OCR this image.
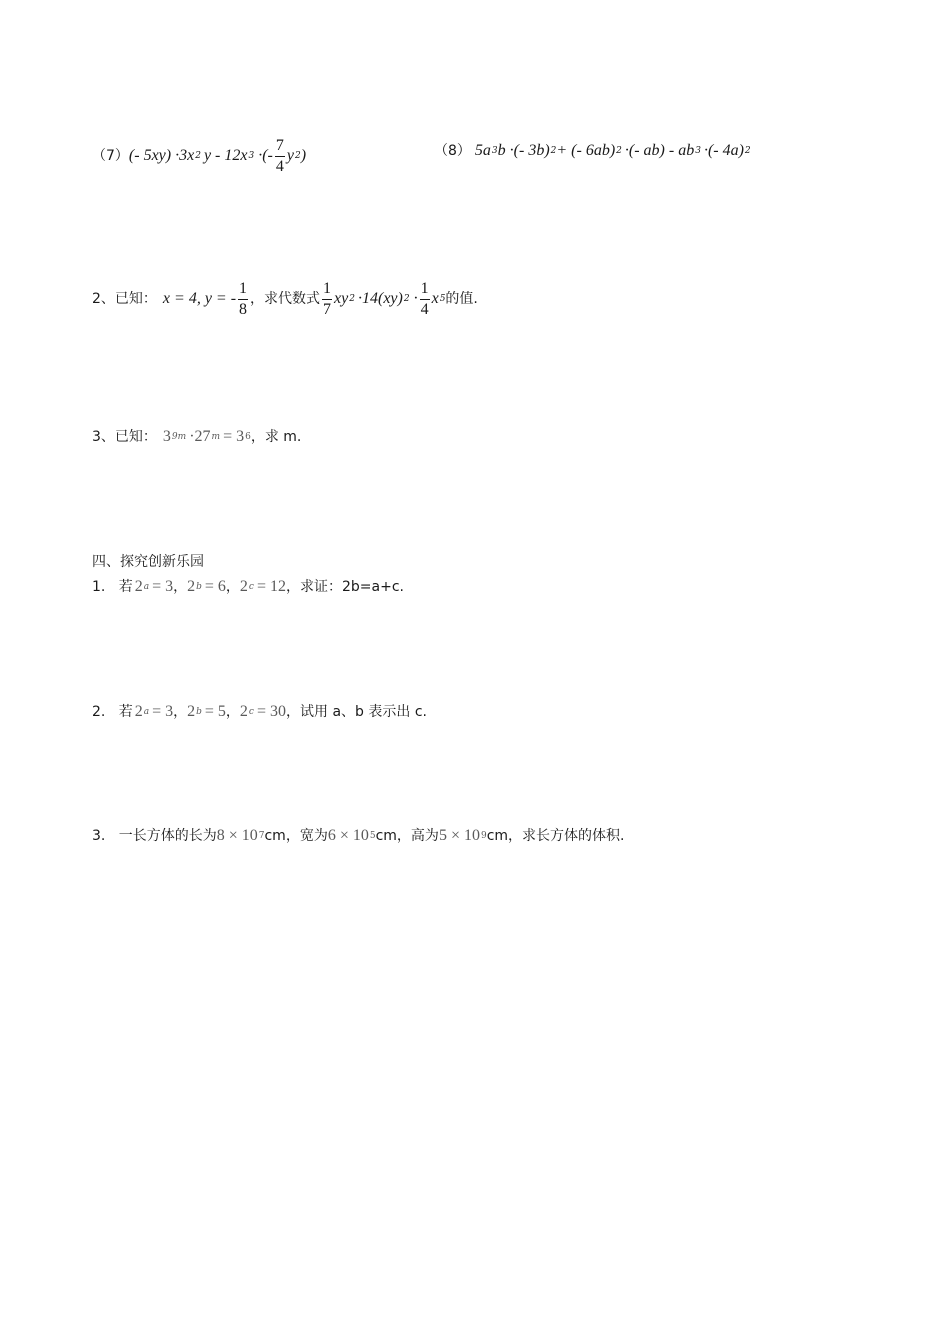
（7） (- 5xy) ·3x 2 y - 12x 3 ·(- $\frac{7}{4}$ y 2 )	（8） 5a 3 b ·(- 3b) 2 + (- 6ab) 2 ·(- ab) - ab 3 ·(- 4a) 2
2、已知： x = 4, y = - $\frac{1}{8}$ ，求代数式 $\frac{1}{7}$ xy 2 ·14(xy) $2 \cdot \frac{1}{4}$ x 5 的值.
3、已知： 3 9m ·27 m = 3 6 ，求 m.
四、探究创新乐园
1.   若 2 a = 3 ， 2 b = 6 ， 2 c = 12 ，求证：2b=a+c.
2.   若 2 a = 3 ， 2 b = 5 ， 2 c = 30 ，试用 a、b 表示出 c.
3.   一长方体的长为 8 × 10 7 cm，宽为 6 × 10 5 cm，高为 5 × 10 9 cm，求长方体的体积.
